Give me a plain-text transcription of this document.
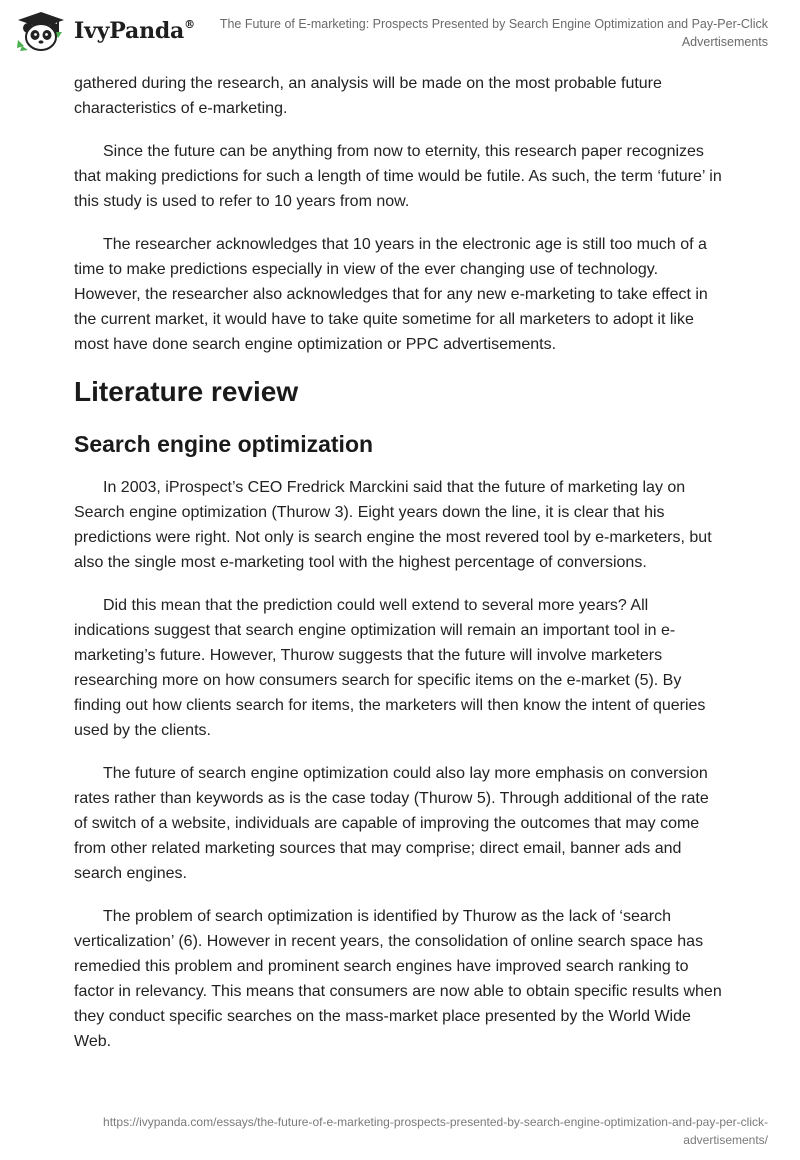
IvyPanda®	The Future of E-marketing: Prospects Presented by Search Engine Optimization and Pay-Per-Click Advertisements

gathered during the research, an analysis will be made on the most probable future characteristics of e-marketing.

Since the future can be anything from now to eternity, this research paper recognizes that making predictions for such a length of time would be futile. As such, the term ‘future’ in this study is used to refer to 10 years from now.

The researcher acknowledges that 10 years in the electronic age is still too much of a time to make predictions especially in view of the ever changing use of technology. However, the researcher also acknowledges that for any new e-marketing to take effect in the current market, it would have to take quite sometime for all marketers to adopt it like most have done search engine optimization or PPC advertisements.

Literature review
Search engine optimization

In 2003, iProspect’s CEO Fredrick Marckini said that the future of marketing lay on Search engine optimization (Thurow 3). Eight years down the line, it is clear that his predictions were right. Not only is search engine the most revered tool by e-marketers, but also the single most e-marketing tool with the highest percentage of conversions.

Did this mean that the prediction could well extend to several more years? All indications suggest that search engine optimization will remain an important tool in e-marketing’s future. However, Thurow suggests that the future will involve marketers researching more on how consumers search for specific items on the e-market (5). By finding out how clients search for items, the marketers will then know the intent of queries used by the clients.

The future of search engine optimization could also lay more emphasis on conversion rates rather than keywords as is the case today (Thurow 5). Through additional of the rate of switch of a website, individuals are capable of improving the outcomes that may come from other related marketing sources that may comprise; direct email, banner ads and search engines.

The problem of search optimization is identified by Thurow as the lack of ‘search verticalization’ (6). However in recent years, the consolidation of online search space has remedied this problem and prominent search engines have improved search ranking to factor in relevancy. This means that consumers are now able to obtain specific results when they conduct specific searches on the mass-market place presented by the World Wide Web.

https://ivypanda.com/essays/the-future-of-e-marketing-prospects-presented-by-search-engine-optimization-and-pay-per-click-advertisements/
